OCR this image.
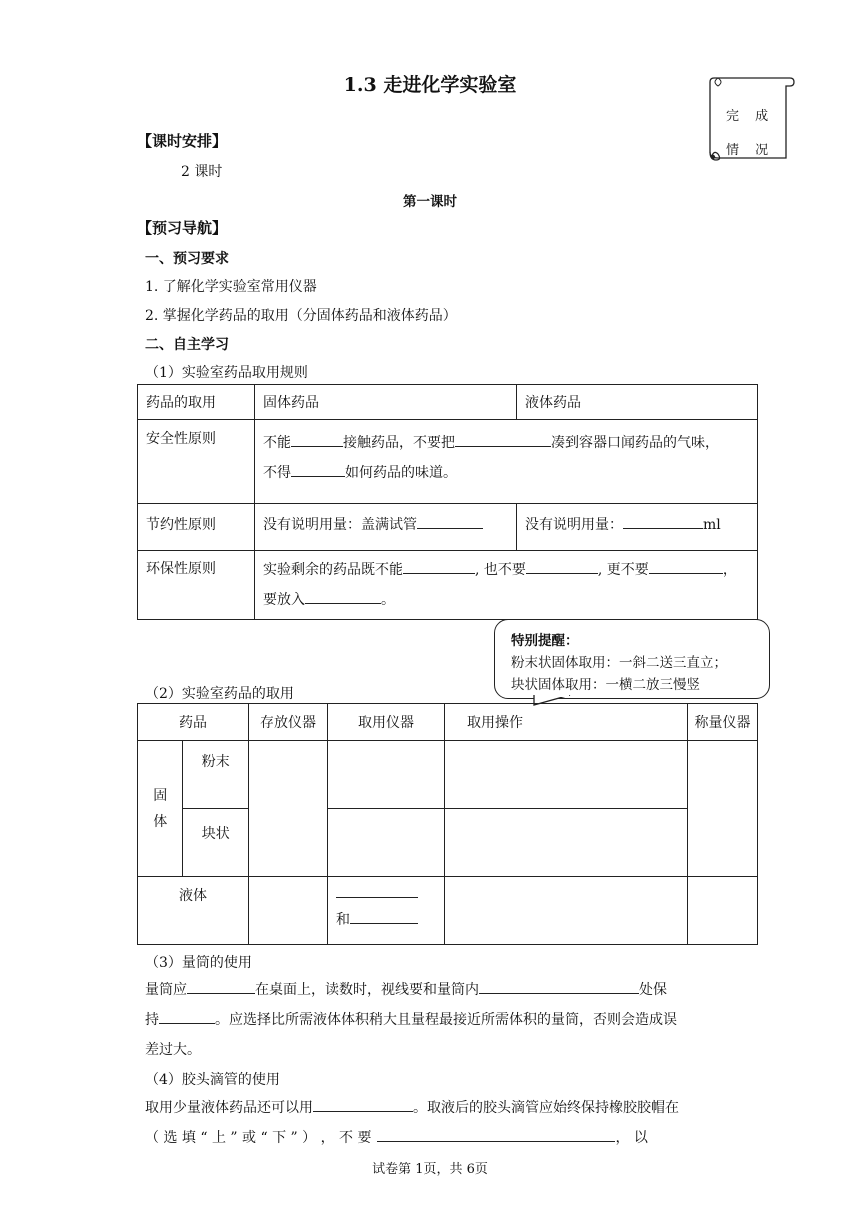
1.3 走进化学实验室
完 成 情 况
【课时安排】
2 课时
第一课时
【预习导航】
一、预习要求
1. 了解化学实验室常用仪器
2. 掌握化学药品的取用（分固体药品和液体药品）
二、自主学习
（1）实验室药品取用规则
药品的取用	固体药品	液体药品
安全性原则	不能 接触药品，不要把 凑到容器口闻药品的气味，
不得 如何药品的味道。	
节约性原则	没有说明用量：盖满试管	没有说明用量： ml
环保性原则	实验剩余的药品既不能 , 也不要 , 更不要 ，
要放入 。	
特别提醒：
粉末状固体取用：一斜二送三直立；
块状固体取用：一横二放三慢竖
（2）实验室药品的取用
药品		存放仪器	取用仪器	取用操作	称量仪器
固体	粉末				
	块状				
液体			和		
（3）量筒的使用
量筒应	在桌面上，读数时，视线要和量筒内	处保
持	。应选择比所需液体体积稍大且量程最接近所需体积的量筒，否则会造成误
差过大。
（4）胶头滴管的使用
取用少量液体药品还可以用	。取液后的胶头滴管应始终保持橡胶胶帽在
（ 选 填 “ 上 ” 或 “ 下 ” ） ， 不 要	， 以
试卷第 1页，共 6页
